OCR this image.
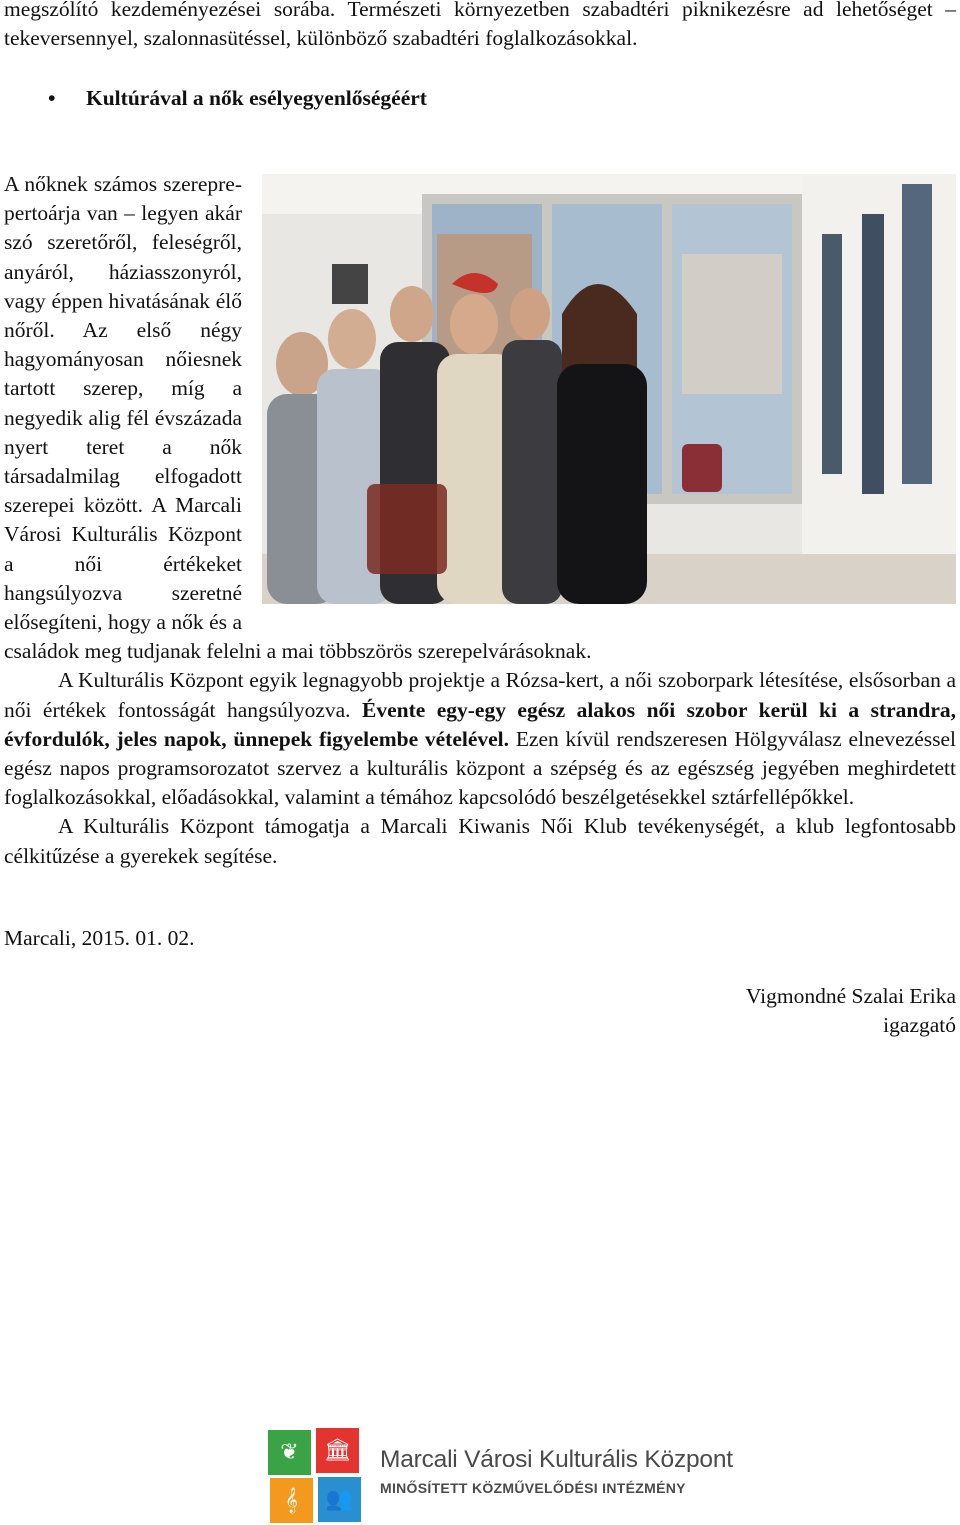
megszólító kezdeményezései sorába. Természeti környezetben szabadtéri piknikezésre ad lehetőséget – tekeversennyel, szalonnasütéssel, különböző szabadtéri foglalkozásokkal.

• Kultúrával a nők esélyegyenlőségéért

A nőknek számos szereprepertoárja van – legyen akár szó szeretőről, feleségről, anyáról, háziasszonyról, vagy éppen hivatásának élő nőről. Az első négy hagyományosan nőiesnek tartott szerep, míg a negyedik alig fél évszázada nyert teret a nők társadalmilag elfogadott szerepei között. A Marcali Városi Kulturális Központ a női értékeket hangsúlyozva szeretné elősegíteni, hogy a nők és a családok meg tudjanak felelni a mai többszörös szerepelvárásoknak.

A Kulturális Központ egyik legnagyobb projektje a Rózsa-kert, a női szoborpark létesítése, elsősorban a női értékek fontosságát hangsúlyozva. Évente egy-egy egész alakos női szobor kerül ki a strandra, évfordulók, jeles napok, ünnepek figyelembe vételével. Ezen kívül rendszeresen Hölgyválasz elnevezéssel egész napos programsorozatot szervez a kulturális központ a szépség és az egészség jegyében meghirdetett foglalkozásokkal, előadásokkal, valamint a témához kapcsolódó beszélgetésekkel sztárfellépőkkel.

A Kulturális Központ támogatja a Marcali Kiwanis Női Klub tevékenységét, a klub legfontosabb célkitűzése a gyerekek segítése.

Marcali, 2015. 01. 02.
Vigmondné Szalai Erika
igazgató
❦	🏛
𝄞	👥
Marcali Városi Kulturális Központ
MINŐSÍTETT KÖZMŰVELŐDÉSI INTÉZMÉNY
